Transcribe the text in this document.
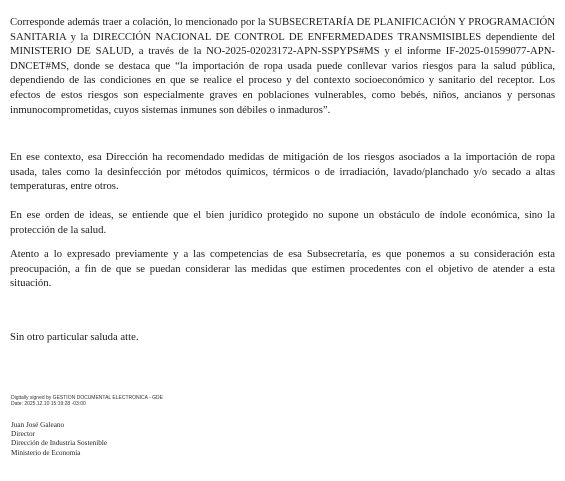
Corresponde además traer a colación, lo mencionado por la SUBSECRETARÍA DE PLANIFICACIÓN Y PROGRAMACIÓN SANITARIA y la DIRECCIÓN NACIONAL DE CONTROL DE ENFERMEDADES TRANSMISIBLES dependiente del MINISTERIO DE SALUD, a través de la NO-2025-02023172-APN-SSPYPS#MS y el informe IF-2025-01599077-APN-DNCET#MS, donde se destaca que “la importación de ropa usada puede conllevar varios riesgos para la salud pública, dependiendo de las condiciones en que se realice el proceso y del contexto socioeconómico y sanitario del receptor. Los efectos de estos riesgos son especialmente graves en poblaciones vulnerables, como bebés, niños, ancianos y personas inmunocomprometidas, cuyos sistemas inmunes son débiles o inmaduros”.

En ese contexto, esa Dirección ha recomendado medidas de mitigación de los riesgos asociados a la importación de ropa usada, tales como la desinfección por métodos químicos, térmicos o de irradiación, lavado/planchado y/o secado a altas temperaturas, entre otros.

En ese orden de ideas, se entiende que el bien jurídico protegido no supone un obstáculo de índole económica, sino la protección de la salud.

Atento a lo expresado previamente y a las competencias de esa Subsecretaría, es que ponemos a su consideración esta preocupación, a fin de que se puedan considerar las medidas que estimen procedentes con el objetivo de atender a esta situación.

Sin otro particular saluda atte.

Digitally signed by GESTION DOCUMENTAL ELECTRONICA - GDE
Date: 2025.12.10 15:19:28 -03:00
Juan José Galeano
Director
Dirección de Industria Sostenible
Ministerio de Economía
